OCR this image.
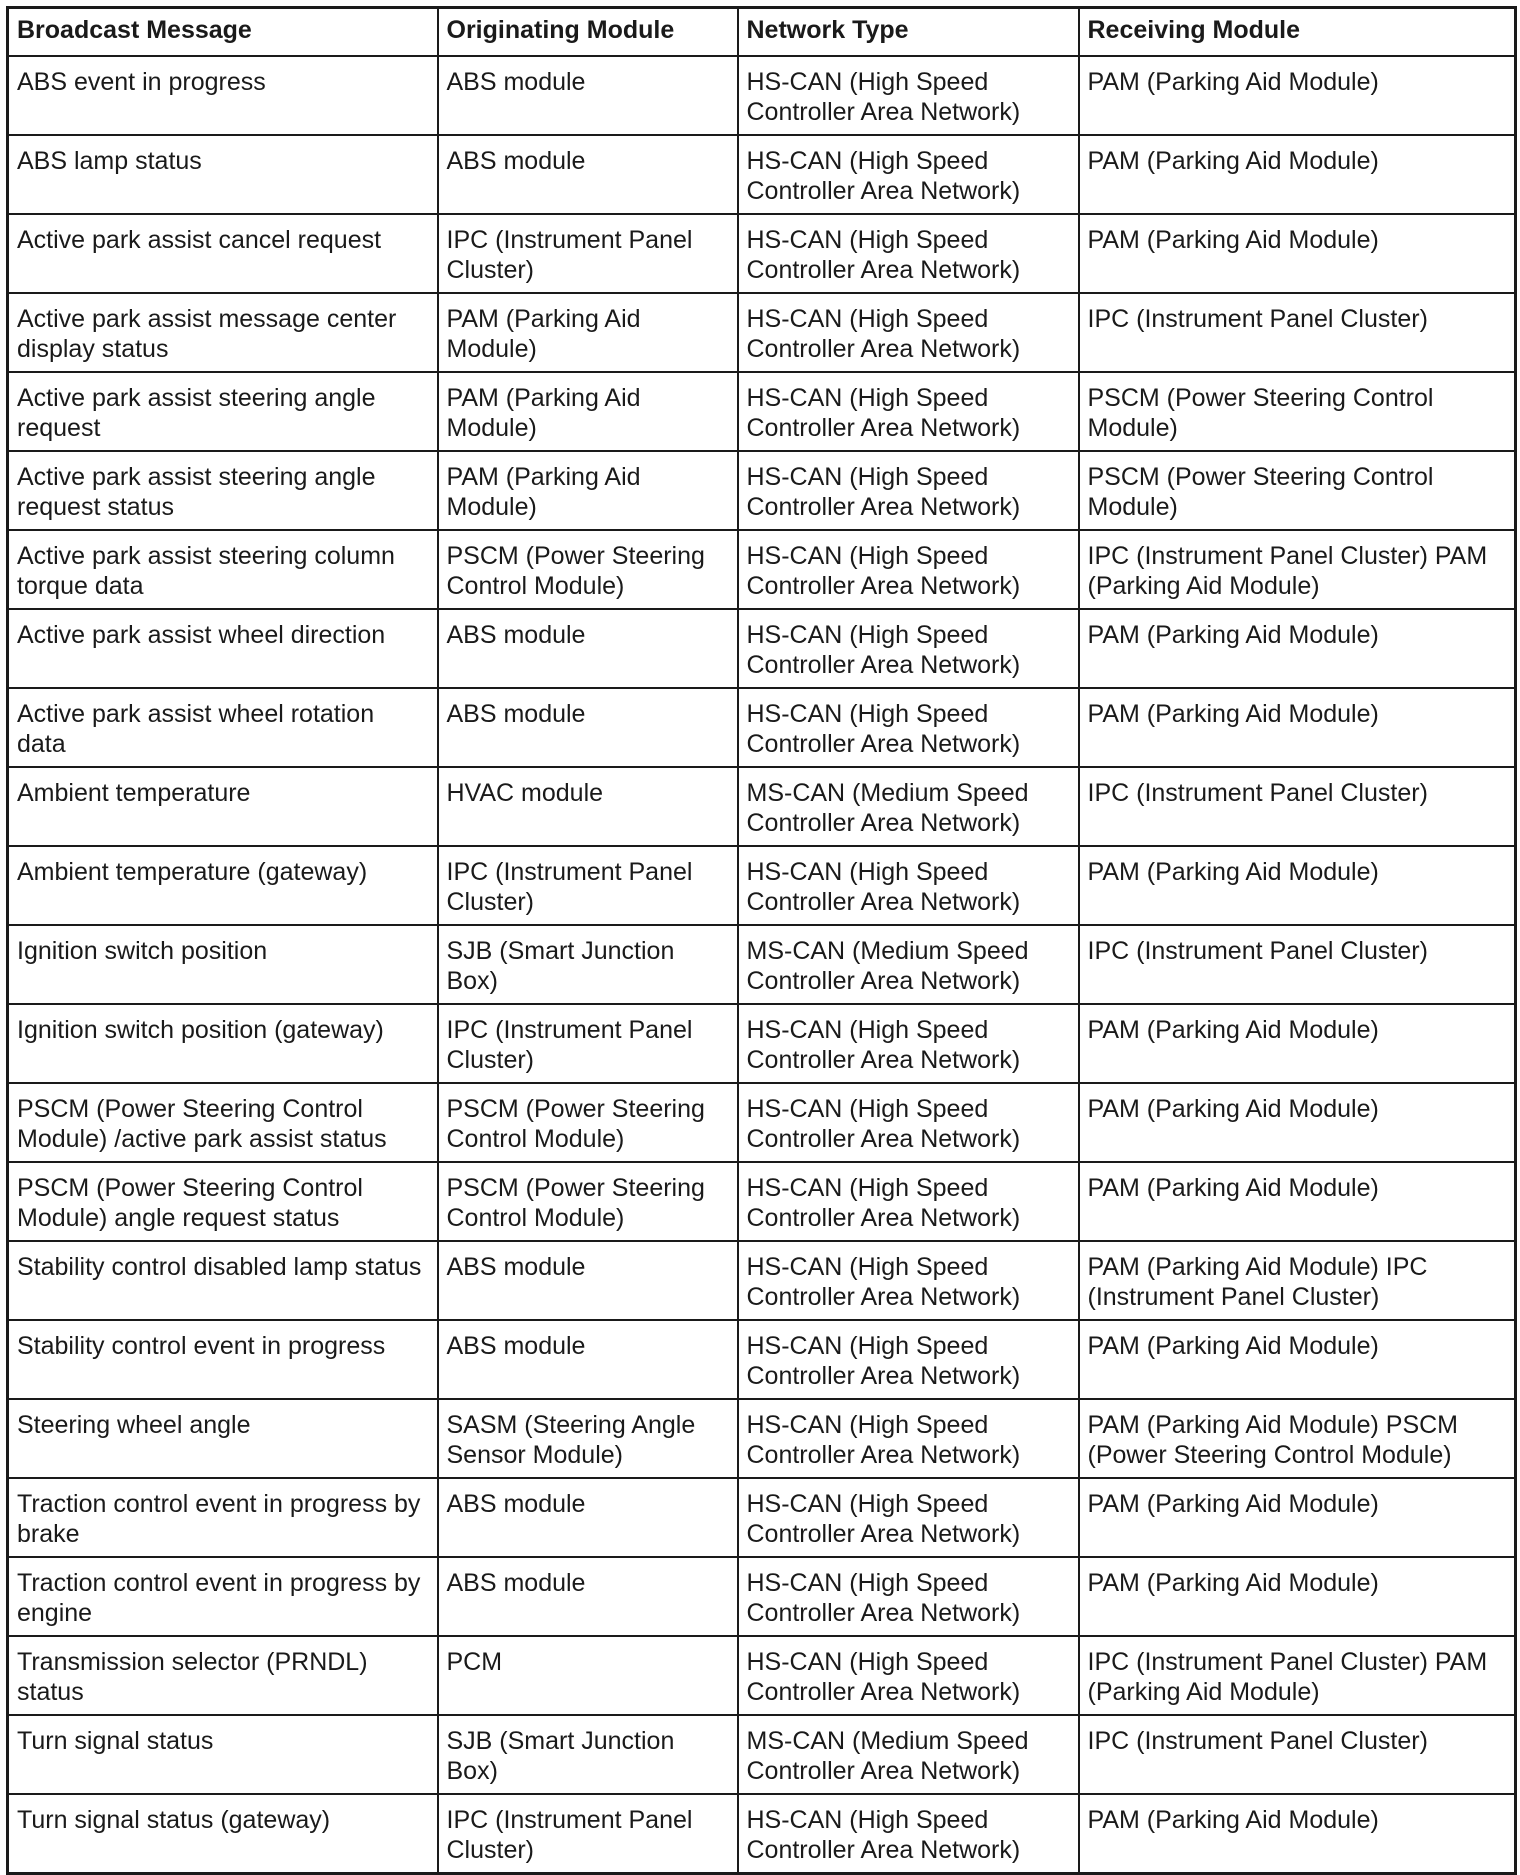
Broadcast Message	Originating Module	Network Type	Receiving Module
ABS event in progress	ABS module	HS-CAN (High Speed Controller Area Network)	PAM (Parking Aid Module)
ABS lamp status	ABS module	HS-CAN (High Speed Controller Area Network)	PAM (Parking Aid Module)
Active park assist cancel request	IPC (Instrument Panel Cluster)	HS-CAN (High Speed Controller Area Network)	PAM (Parking Aid Module)
Active park assist message center display status	PAM (Parking Aid Module)	HS-CAN (High Speed Controller Area Network)	IPC (Instrument Panel Cluster)
Active park assist steering angle request	PAM (Parking Aid Module)	HS-CAN (High Speed Controller Area Network)	PSCM (Power Steering Control Module)
Active park assist steering angle request status	PAM (Parking Aid Module)	HS-CAN (High Speed Controller Area Network)	PSCM (Power Steering Control Module)
Active park assist steering column torque data	PSCM (Power Steering Control Module)	HS-CAN (High Speed Controller Area Network)	IPC (Instrument Panel Cluster) PAM (Parking Aid Module)
Active park assist wheel direction	ABS module	HS-CAN (High Speed Controller Area Network)	PAM (Parking Aid Module)
Active park assist wheel rotation data	ABS module	HS-CAN (High Speed Controller Area Network)	PAM (Parking Aid Module)
Ambient temperature	HVAC module	MS-CAN (Medium Speed Controller Area Network)	IPC (Instrument Panel Cluster)
Ambient temperature (gateway)	IPC (Instrument Panel Cluster)	HS-CAN (High Speed Controller Area Network)	PAM (Parking Aid Module)
Ignition switch position	SJB (Smart Junction Box)	MS-CAN (Medium Speed Controller Area Network)	IPC (Instrument Panel Cluster)
Ignition switch position (gateway)	IPC (Instrument Panel Cluster)	HS-CAN (High Speed Controller Area Network)	PAM (Parking Aid Module)
PSCM (Power Steering Control Module) /active park assist status	PSCM (Power Steering Control Module)	HS-CAN (High Speed Controller Area Network)	PAM (Parking Aid Module)
PSCM (Power Steering Control Module) angle request status	PSCM (Power Steering Control Module)	HS-CAN (High Speed Controller Area Network)	PAM (Parking Aid Module)
Stability control disabled lamp status	ABS module	HS-CAN (High Speed Controller Area Network)	PAM (Parking Aid Module) IPC (Instrument Panel Cluster)
Stability control event in progress	ABS module	HS-CAN (High Speed Controller Area Network)	PAM (Parking Aid Module)
Steering wheel angle	SASM (Steering Angle Sensor Module)	HS-CAN (High Speed Controller Area Network)	PAM (Parking Aid Module) PSCM (Power Steering Control Module)
Traction control event in progress by brake	ABS module	HS-CAN (High Speed Controller Area Network)	PAM (Parking Aid Module)
Traction control event in progress by engine	ABS module	HS-CAN (High Speed Controller Area Network)	PAM (Parking Aid Module)
Transmission selector (PRNDL) status	PCM	HS-CAN (High Speed Controller Area Network)	IPC (Instrument Panel Cluster) PAM (Parking Aid Module)
Turn signal status	SJB (Smart Junction Box)	MS-CAN (Medium Speed Controller Area Network)	IPC (Instrument Panel Cluster)
Turn signal status (gateway)	IPC (Instrument Panel Cluster)	HS-CAN (High Speed Controller Area Network)	PAM (Parking Aid Module)
